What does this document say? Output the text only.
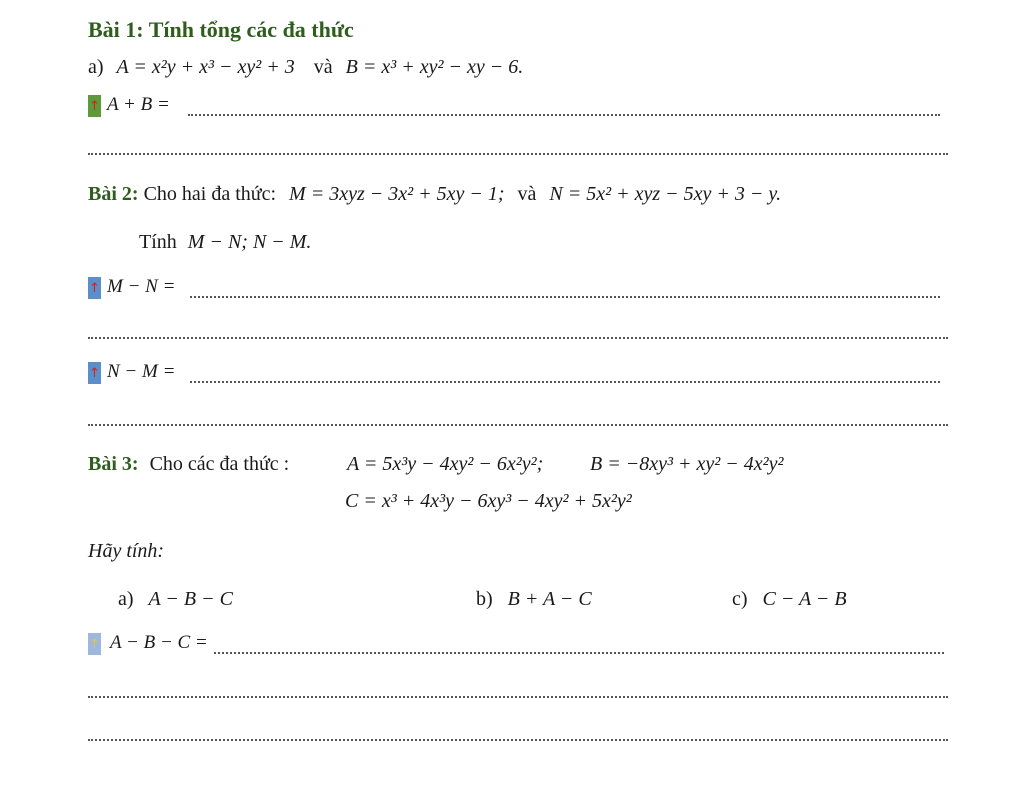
Bài 1: Tính tổng các đa thức
a) A = x²y + x³ − xy² + 3 và B = x³ + xy² − xy − 6.
↑ A + B =
Bài 2: Cho hai đa thức: M = 3xyz − 3x² + 5xy − 1; và N = 5x² + xyz − 5xy + 3 − y.
Tính M − N; N − M.
↑ M − N =
↑ N − M =
Bài 3: Cho các đa thức :	A = 5x³y − 4xy² − 6x²y²; B = −8xy³ + xy² − 4x²y²
C = x³ + 4x³y − 6xy³ − 4xy² + 5x²y²
Hãy tính:
a) A − B − C	b) B + A − C	c) C − A − B
↑ A − B − C =
